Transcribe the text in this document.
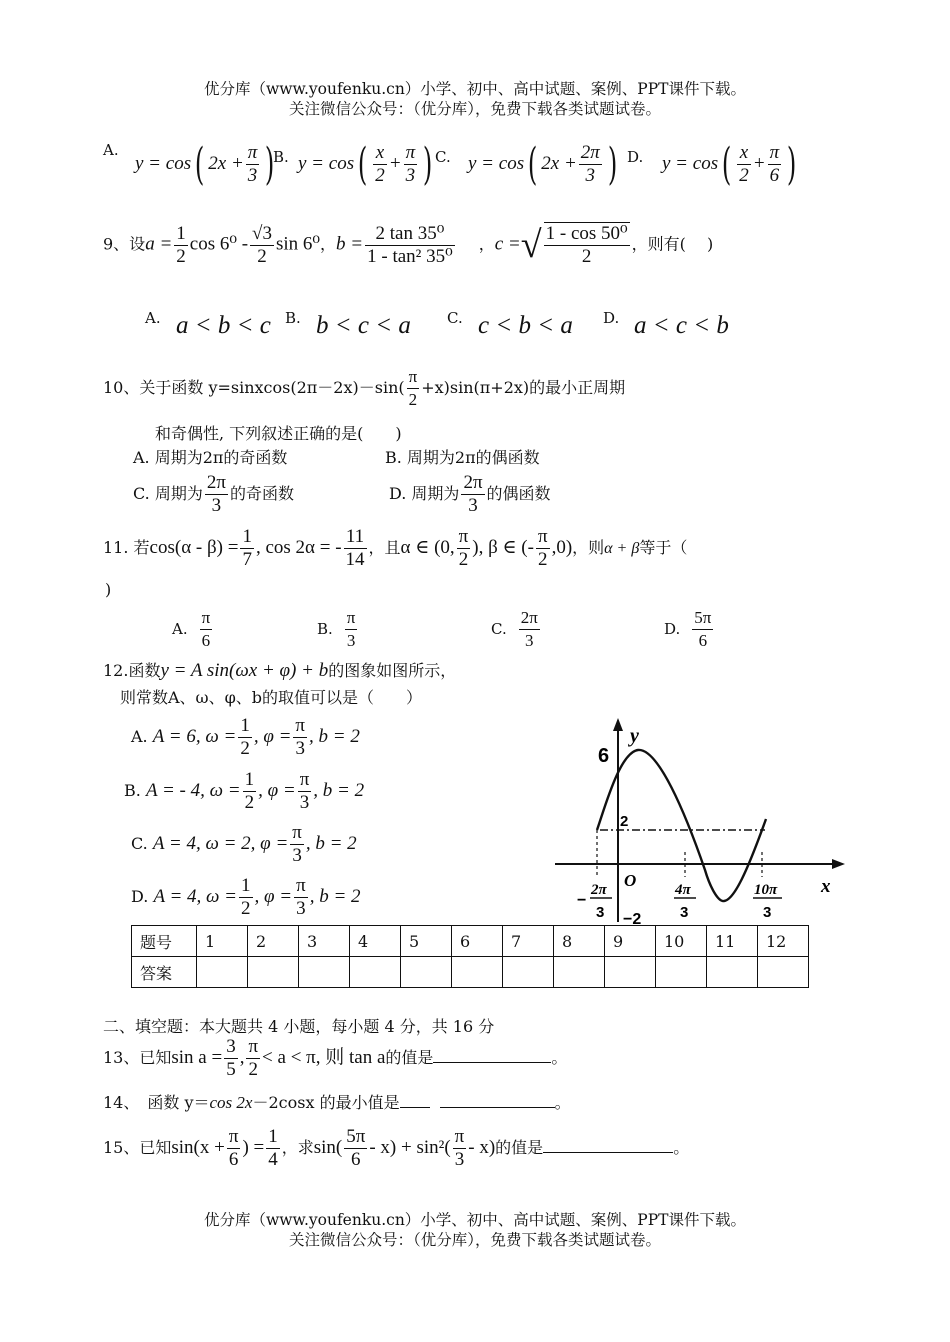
优分库（www.youfenku.cn）小学、初中、高中试题、案例、PPT课件下载。
关注微信公众号：（优分库），免费下载各类试题试卷。
A.
y = cos( $2x + \frac{\pi}{3}$ )
B. $y = \cos( \frac{x}{2} + \frac{\pi}{3}$ ) C. y = cos( $2x + \frac{2\pi}{3}$ ) D. $y = \cos( \frac{x}{2} + \frac{\pi}{6}$ )
9、设$a = \frac{1}{2}$ $\cos 6^0 - \frac{√3}{2}$ sin 6⁰，$b = \frac{\text{2 tan 35⁰}}{\text{1 - tan² 35⁰}}$ ，c =√ $\frac{\text{1 - cos 50⁰}}{2}$ ，则有(　 )
A. a < b < c B. b < c < a C. c < b < a D. a < c < b
10、关于函数 y=sinxcos(2π－2x)－sin( $\frac{\pi}{2} +x)\sin(\pi+2x)$的最小正周期
和奇偶性, 下列叙述正确的是(　　)
A. 周期为2π的奇函数	B. 周期为2π的偶函数
C. 周期为 $\frac{2\pi}{3}$ 的奇函数	D. 周期为 $\frac{2\pi}{3}$ 的偶函数
11. 若$\cos(\alpha - \beta) = \frac{1}{7}$ , cos 2α = - $\frac{11}{14}$ ，且α ∈ (0, $\frac{\pi}{2}$ ), β ∈ (- $\frac{\pi}{2} ,0$)，则α + β等于（
)
A. $\frac{\pi}{6}$	B. $\frac{\pi}{3}$	C. $\frac{2\pi}{3}$	D. $\frac{5\pi}{6}$
12.函数y = A sin(ωx + φ) + b的图象如图所示，
则常数A、ω、φ、b的取值可以是（　　）
A. A = 6, $\omega = \frac{1}{2}$ , $\varphi = \frac{\pi}{3}$ , b = 2
B. A = - 4, $\omega = \frac{1}{2}$ , $\varphi = \frac{\pi}{3}$ , b = 2
C. A = 4, ω = 2, $\varphi = \frac{\pi}{3}$ , b = 2
D. A = 4, $\omega = \frac{1}{2}$ , $\varphi = \frac{\pi}{3}$ , b = 2
y
6
2
−2
O	x
−
2π
3
4π
3
10π
3
题号	1	2	3	4	5	6	7	8	9	10	11	12
答案												
二、填空题：本大题共 4 小题，每小题 4 分，共 16 分
13、已知$\sin a = \frac{3}{5}$ , $\frac{\pi}{2} < a < \pi$, 则 tan a的值是	。
14、　函数 y＝cos 2x－2cosx 的最小值是	。
15、已知$\sin(x + \frac{\pi}{6}$ ) = $\frac{1}{4}$ ，求$\sin( \frac{5\pi}{6} - x) + \sin^2( \frac{\pi}{3} - x)$的值是	。
优分库（www.youfenku.cn）小学、初中、高中试题、案例、PPT课件下载。
关注微信公众号：（优分库），免费下载各类试题试卷。
